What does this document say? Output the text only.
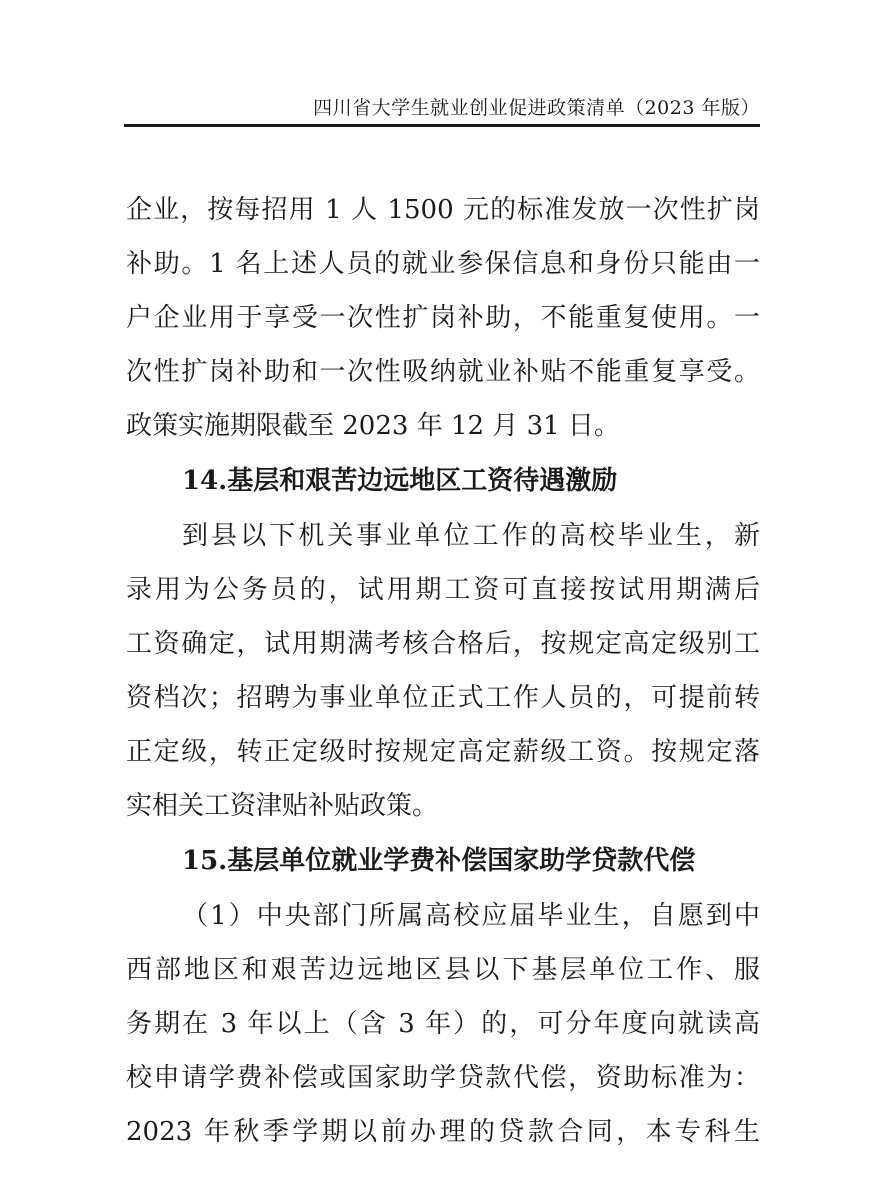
四川省大学生就业创业促进政策清单（2023 年版）
企业，按每招用 1 人 1500 元的标准发放一次性扩岗
补助。1 名上述人员的就业参保信息和身份只能由一
户企业用于享受一次性扩岗补助，不能重复使用。一
次性扩岗补助和一次性吸纳就业补贴不能重复享受。
政策实施期限截至 2023 年 12 月 31 日。
14.基层和艰苦边远地区工资待遇激励
到县以下机关事业单位工作的高校毕业生，新
录用为公务员的，试用期工资可直接按试用期满后
工资确定，试用期满考核合格后，按规定高定级别工
资档次；招聘为事业单位正式工作人员的，可提前转
正定级，转正定级时按规定高定薪级工资。按规定落
实相关工资津贴补贴政策。
15.基层单位就业学费补偿国家助学贷款代偿
（1）中央部门所属高校应届毕业生，自愿到中
西部地区和艰苦边远地区县以下基层单位工作、服
务期在 3 年以上（含 3 年）的，可分年度向就读高
校申请学费补偿或国家助学贷款代偿，资助标准为：
2023 年秋季学期以前办理的贷款合同，本专科生
